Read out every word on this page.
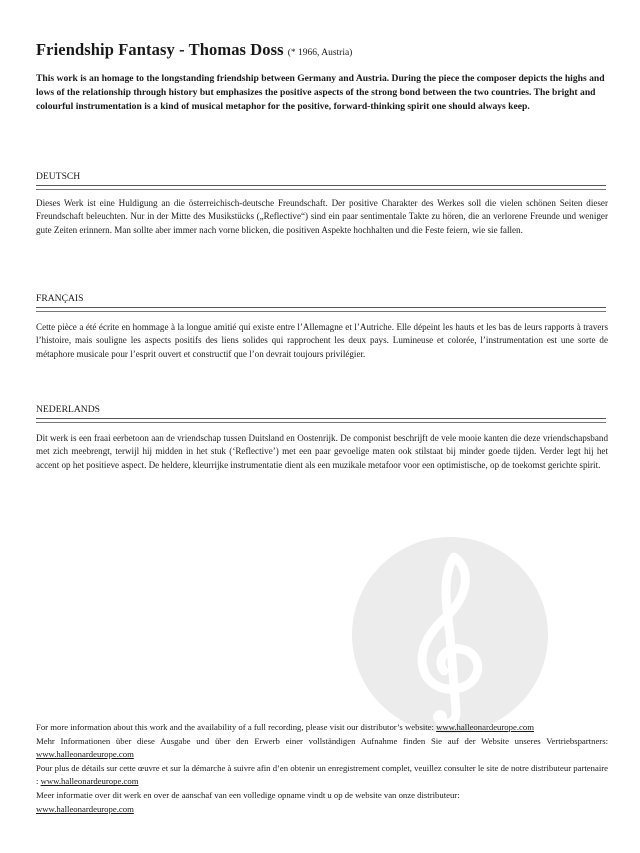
Friendship Fantasy - Thomas Doss (* 1966, Austria)
This work is an homage to the longstanding friendship between Germany and Austria. During the piece the composer depicts the highs and lows of the relationship through history but emphasizes the positive aspects of the strong bond between the two countries. The bright and colourful instrumentation is a kind of musical metaphor for the positive, forward-thinking spirit one should always keep.
DEUTSCH
Dieses Werk ist eine Huldigung an die österreichisch-deutsche Freundschaft. Der positive Charakter des Werkes soll die vielen schönen Seiten dieser Freundschaft beleuchten. Nur in der Mitte des Musikstücks („Reflective“) sind ein paar sentimentale Takte zu hören, die an verlorene Freunde und weniger gute Zeiten erinnern. Man sollte aber immer nach vorne blicken, die positiven Aspekte hochhalten und die Feste feiern, wie sie fallen.
FRANÇAIS
Cette pièce a été écrite en hommage à la longue amitié qui existe entre l’Allemagne et l’Autriche. Elle dépeint les hauts et les bas de leurs rapports à travers l’histoire, mais souligne les aspects positifs des liens solides qui rapprochent les deux pays. Lumineuse et colorée, l’instrumentation est une sorte de métaphore musicale pour l’esprit ouvert et constructif que l’on devrait toujours privilégier.
NEDERLANDS
Dit werk is een fraai eerbetoon aan de vriendschap tussen Duitsland en Oostenrijk. De componist beschrijft de vele mooie kanten die deze vriendschapsband met zich meebrengt, terwijl hij midden in het stuk (‘Reflective’) met een paar gevoelige maten ook stilstaat bij minder goede tijden. Verder legt hij het accent op het positieve aspect. De heldere, kleurrijke instrumentatie dient als een muzikale metafoor voor een optimistische, op de toekomst gerichte spirit.
For more information about this work and the availability of a full recording, please visit our distributor’s website: www.halleonardeurope.com
Mehr Informationen über diese Ausgabe und über den Erwerb einer vollständigen Aufnahme finden Sie auf der Website unseres Vertriebspartners: www.halleonardeurope.com
Pour plus de détails sur cette œuvre et sur la démarche à suivre afin d’en obtenir un enregistrement complet, veuillez consulter le site de notre distributeur partenaire : www.halleonardeurope.com
Meer informatie over dit werk en over de aanschaf van een volledige opname vindt u op de website van onze distributeur:
www.halleonardeurope.com
